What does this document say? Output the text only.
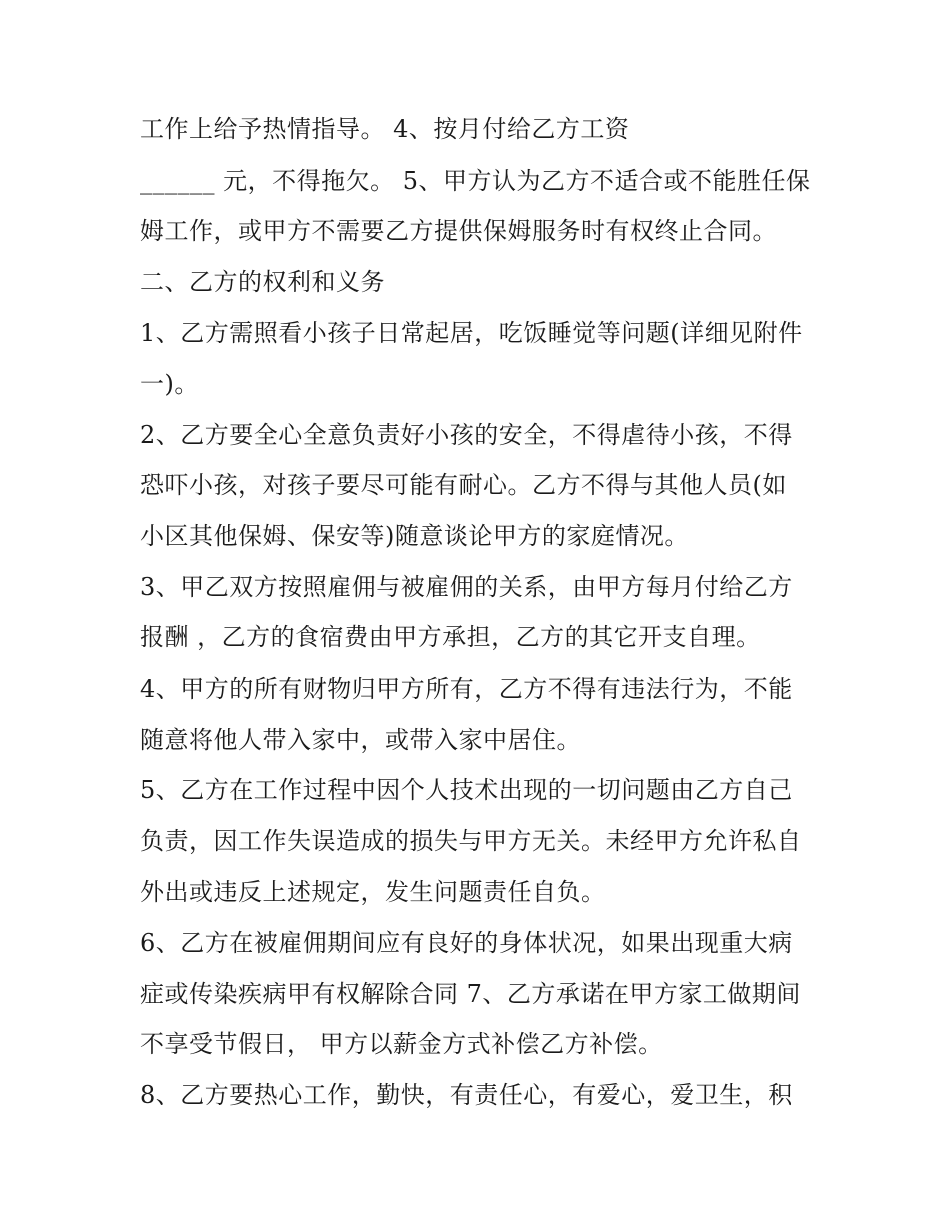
工作上给予热情指导。 4、按月付给乙方工资
______ 元，不得拖欠。 5、甲方认为乙方不适合或不能胜任保
姆工作，或甲方不需要乙方提供保姆服务时有权终止合同。
二、乙方的权利和义务
1、乙方需照看小孩子日常起居，吃饭睡觉等问题(详细见附件
一)。
2、乙方要全心全意负责好小孩的安全，不得虐待小孩，不得
恐吓小孩，对孩子要尽可能有耐心。乙方不得与其他人员(如
小区其他保姆、保安等)随意谈论甲方的家庭情况。
3、甲乙双方按照雇佣与被雇佣的关系，由甲方每月付给乙方
报酬 ，乙方的食宿费由甲方承担，乙方的其它开支自理。
4、甲方的所有财物归甲方所有，乙方不得有违法行为，不能
随意将他人带入家中，或带入家中居住。
5、乙方在工作过程中因个人技术出现的一切问题由乙方自己
负责，因工作失误造成的损失与甲方无关。未经甲方允许私自
外出或违反上述规定，发生问题责任自负。
6、乙方在被雇佣期间应有良好的身体状况，如果出现重大病
症或传染疾病甲有权解除合同 7、乙方承诺在甲方家工做期间
不享受节假日， 甲方以薪金方式补偿乙方补偿。
8、乙方要热心工作，勤快，有责任心，有爱心，爱卫生，积
